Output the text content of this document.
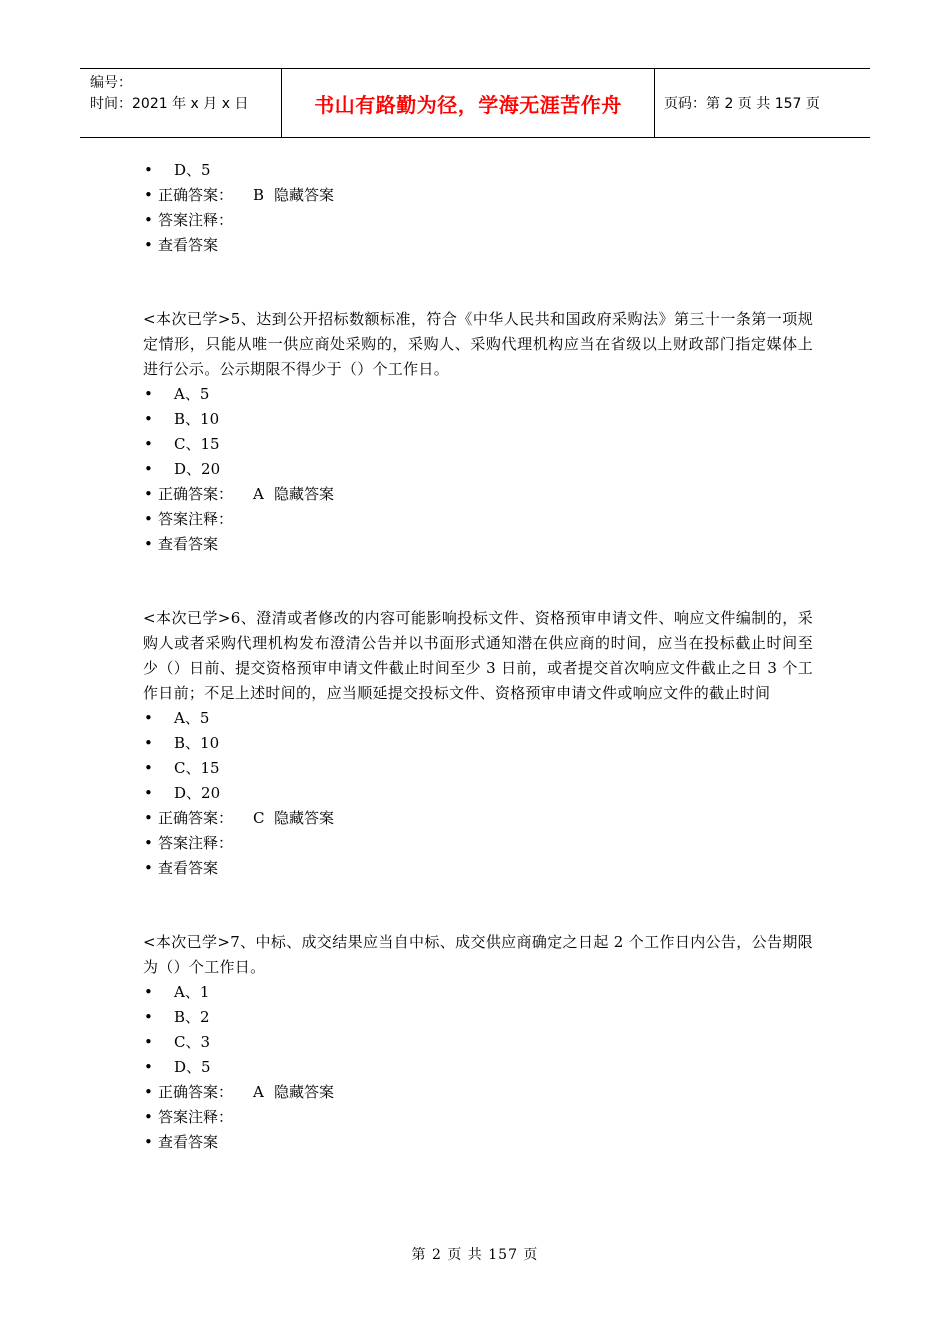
编号：
时间：2021 年 x 月 x 日	书山有路勤为径，学海无涯苦作舟	页码：第 2 页 共 157 页
• D、5
• 正确答案： B 隐藏答案
• 答案注释：
• 查看答案
<本次已学>5、达到公开招标数额标准，符合《中华人民共和国政府采购法》第三十一条第一项规定情形，只能从唯一供应商处采购的，采购人、采购代理机构应当在省级以上财政部门指定媒体上进行公示。公示期限不得少于（）个工作日。
• A、5
• B、10
• C、15
• D、20
• 正确答案： A 隐藏答案
• 答案注释：
• 查看答案
<本次已学>6、澄清或者修改的内容可能影响投标文件、资格预审申请文件、响应文件编制的，采购人或者采购代理机构发布澄清公告并以书面形式通知潜在供应商的时间，应当在投标截止时间至少（）日前、提交资格预审申请文件截止时间至少 3 日前，或者提交首次响应文件截止之日 3 个工作日前；不足上述时间的，应当顺延提交投标文件、资格预审申请文件或响应文件的截止时间
• A、5
• B、10
• C、15
• D、20
• 正确答案： C 隐藏答案
• 答案注释：
• 查看答案
<本次已学>7、中标、成交结果应当自中标、成交供应商确定之日起 2 个工作日内公告，公告期限为（）个工作日。
• A、1
• B、2
• C、3
• D、5
• 正确答案： A 隐藏答案
• 答案注释：
• 查看答案
第 2 页 共 157 页
